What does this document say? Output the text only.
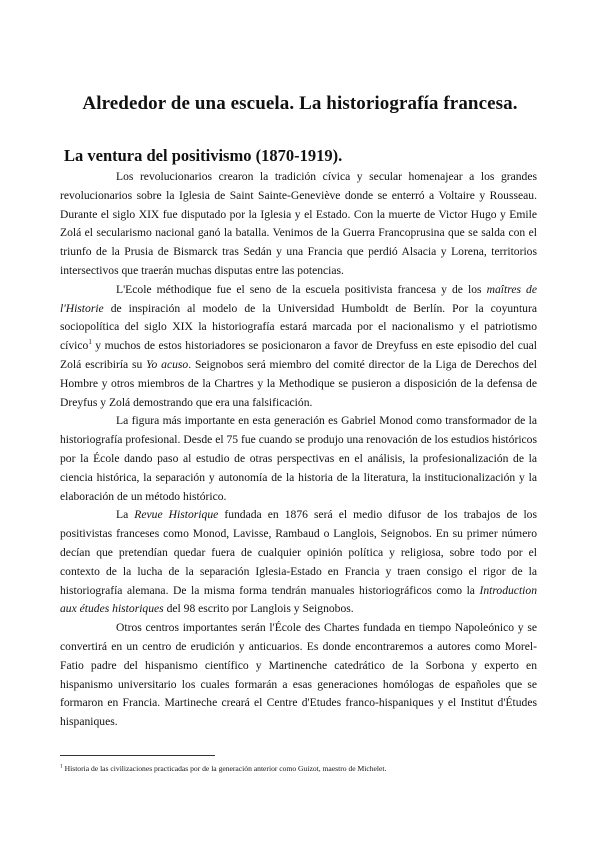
Alrededor de una escuela. La historiografía francesa.
La ventura del positivismo (1870-1919).

Los revolucionarios crearon la tradición cívica y secular homenajear a los grandes revolucionarios sobre la Iglesia de Saint Sainte-Geneviève donde se enterró a Voltaire y Rousseau. Durante el siglo XIX fue disputado por la Iglesia y el Estado. Con la muerte de Victor Hugo y Emile Zolá el secularismo nacional ganó la batalla. Venimos de la Guerra Francoprusina que se salda con el triunfo de la Prusia de Bismarck tras Sedán y una Francia que perdió Alsacia y Lorena, territorios intersectivos que traerán muchas disputas entre las potencias.

L'Ecole méthodique fue el seno de la escuela positivista francesa y de los maîtres de l'Historie de inspiración al modelo de la Universidad Humboldt de Berlín. Por la coyuntura sociopolítica del siglo XIX la historiografía estará marcada por el nacionalismo y el patriotismo cívico$^1$ y muchos de estos historiadores se posicionaron a favor de Dreyfuss en este episodio del cual Zolá escribiría su Yo acuso. Seignobos será miembro del comité director de la Liga de Derechos del Hombre y otros miembros de la Chartres y la Methodique se pusieron a disposición de la defensa de Dreyfus y Zolá demostrando que era una falsificación.

La figura más importante en esta generación es Gabriel Monod como transformador de la historiografía profesional. Desde el 75 fue cuando se produjo una renovación de los estudios históricos por la École dando paso al estudio de otras perspectivas en el análisis, la profesionalización de la ciencia histórica, la separación y autonomía de la historia de la literatura, la institucionalización y la elaboración de un método histórico.

La Revue Historique fundada en 1876 será el medio difusor de los trabajos de los positivistas franceses como Monod, Lavisse, Rambaud o Langlois, Seignobos. En su primer número decían que pretendían quedar fuera de cualquier opinión política y religiosa, sobre todo por el contexto de la lucha de la separación Iglesia-Estado en Francia y traen consigo el rigor de la historiografía alemana. De la misma forma tendrán manuales historiográficos como la Introduction aux études historiques del 98 escrito por Langlois y Seignobos.

Otros centros importantes serán l'École des Chartes fundada en tiempo Napoleónico y se convertirá en un centro de erudición y anticuarios. Es donde encontraremos a autores como Morel-Fatio padre del hispanismo científico y Martinenche catedrático de la Sorbona y experto en hispanismo universitario los cuales formarán a esas generaciones homólogas de españoles que se formaron en Francia. Martineche creará el Centre d'Etudes franco-hispaniques y el Institut d'Études hispaniques.

$^1$ Historia de las civilizaciones practicadas por de la generación anterior como Guizot, maestro de Michelet.
